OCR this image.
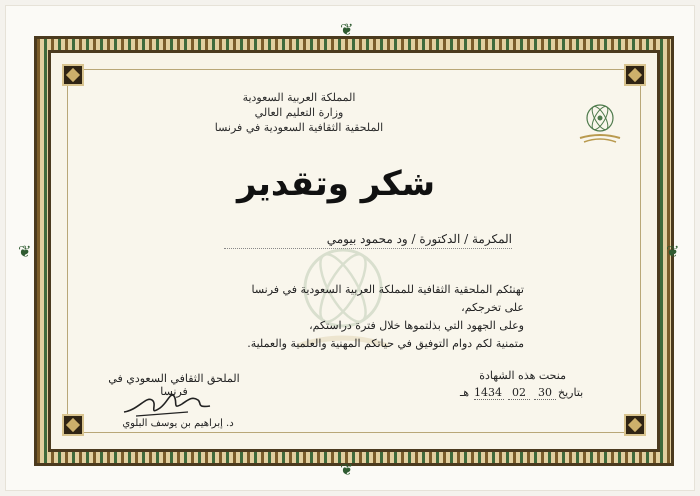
❦
❦
❦	❦
المملكة العربية السعودية
وزارة التعليم العالي
الملحقية الثقافية السعودية في فرنسا
شكر وتقدير
المكرمة / الدكتورة / ود محمود بيومي
تهنئكم الملحقية الثقافية للمملكة العربية السعودية في فرنسا على تخرجكم،
وعلى الجهود التي بذلتموها خلال فترة دراستكم،
متمنية لكم دوام التوفيق في حياتكم المهنية والعلمية والعملية.
منحت هذه الشهادة
بتاريخ
30
02
1434
هـ
الملحق الثقافي السعودي في فرنسا
د. إبراهيم بن يوسف البلوي
